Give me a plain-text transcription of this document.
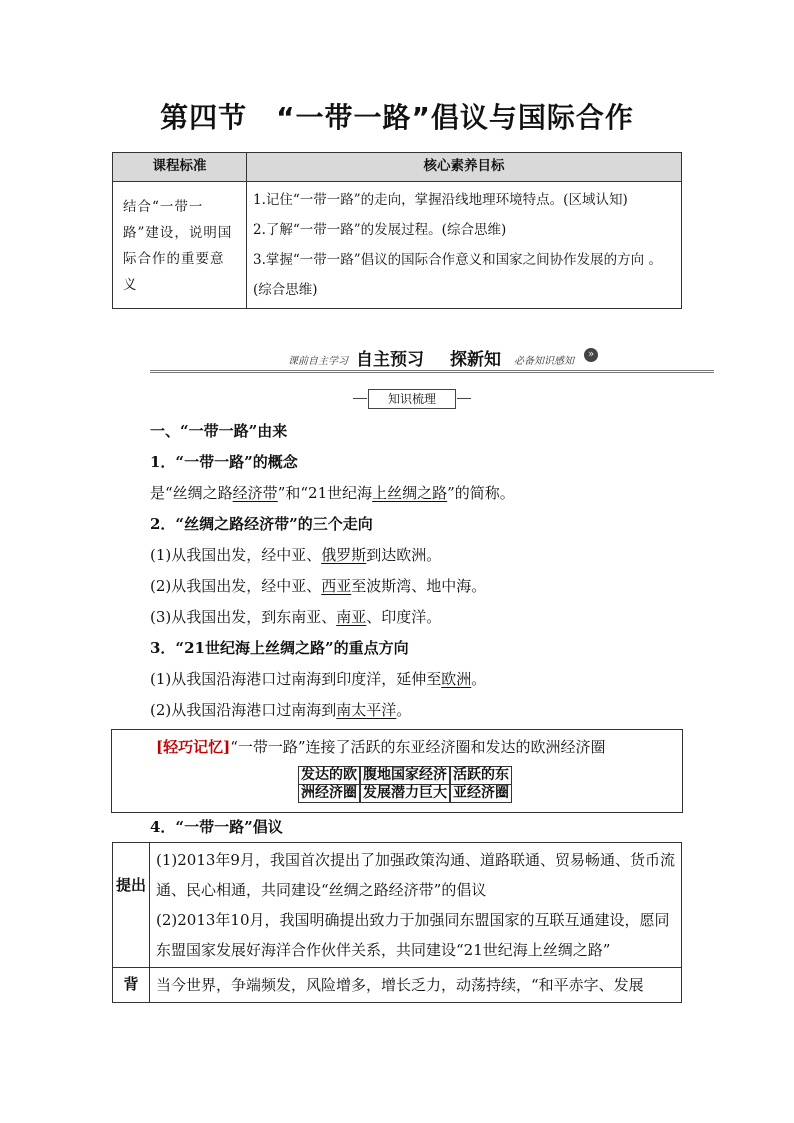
第四节　“一带一路”倡议与国际合作
课程标准	核心素养目标
结合“一带一路”建设，说明国际合作的重要意义	1.记住“一带一路”的走向，掌握沿线地理环境特点。(区域认知)
2.了解“一带一路”的发展过程。(综合思维)
3.掌握“一带一路”倡议的国际合作意义和国家之间协作发展的方向 。(综合思维)
课前自主学习 自主预习	»
探新知 必备知识感知
知识梳理
一、“一带一路”由来
1．“一带一路”的概念
是“丝绸之路经济带”和“21世纪海上丝绸之路”的简称。
2．“丝绸之路经济带”的三个走向
(1)从我国出发，经中亚、俄罗斯到达欧洲。
(2)从我国出发，经中亚、西亚至波斯湾、地中海。
(3)从我国出发，到东南亚、南亚、印度洋。
3．“21世纪海上丝绸之路”的重点方向
(1)从我国沿海港口过南海到印度洋，延伸至欧洲。
(2)从我国沿海港口过南海到南太平洋。
[轻巧记忆]“一带一路”连接了活跃的东亚经济圈和发达的欧洲经济圈
发达的欧 腹地国家经济 活跃的东
洲经济圈 发展潜力巨大 亚经济圈
4．“一带一路”倡议
提出	(1)2013年9月，我国首次提出了加强政策沟通、道路联通、贸易畅通、货币流通、民心相通，共同建设“丝绸之路经济带”的倡议
(2)2013年10月，我国明确提出致力于加强同东盟国家的互联互通建设，愿同东盟国家发展好海洋合作伙伴关系，共同建设“21世纪海上丝绸之路”

背	当今世界，争端频发，风险增多，增长乏力，动荡持续，“和平赤字、发展
